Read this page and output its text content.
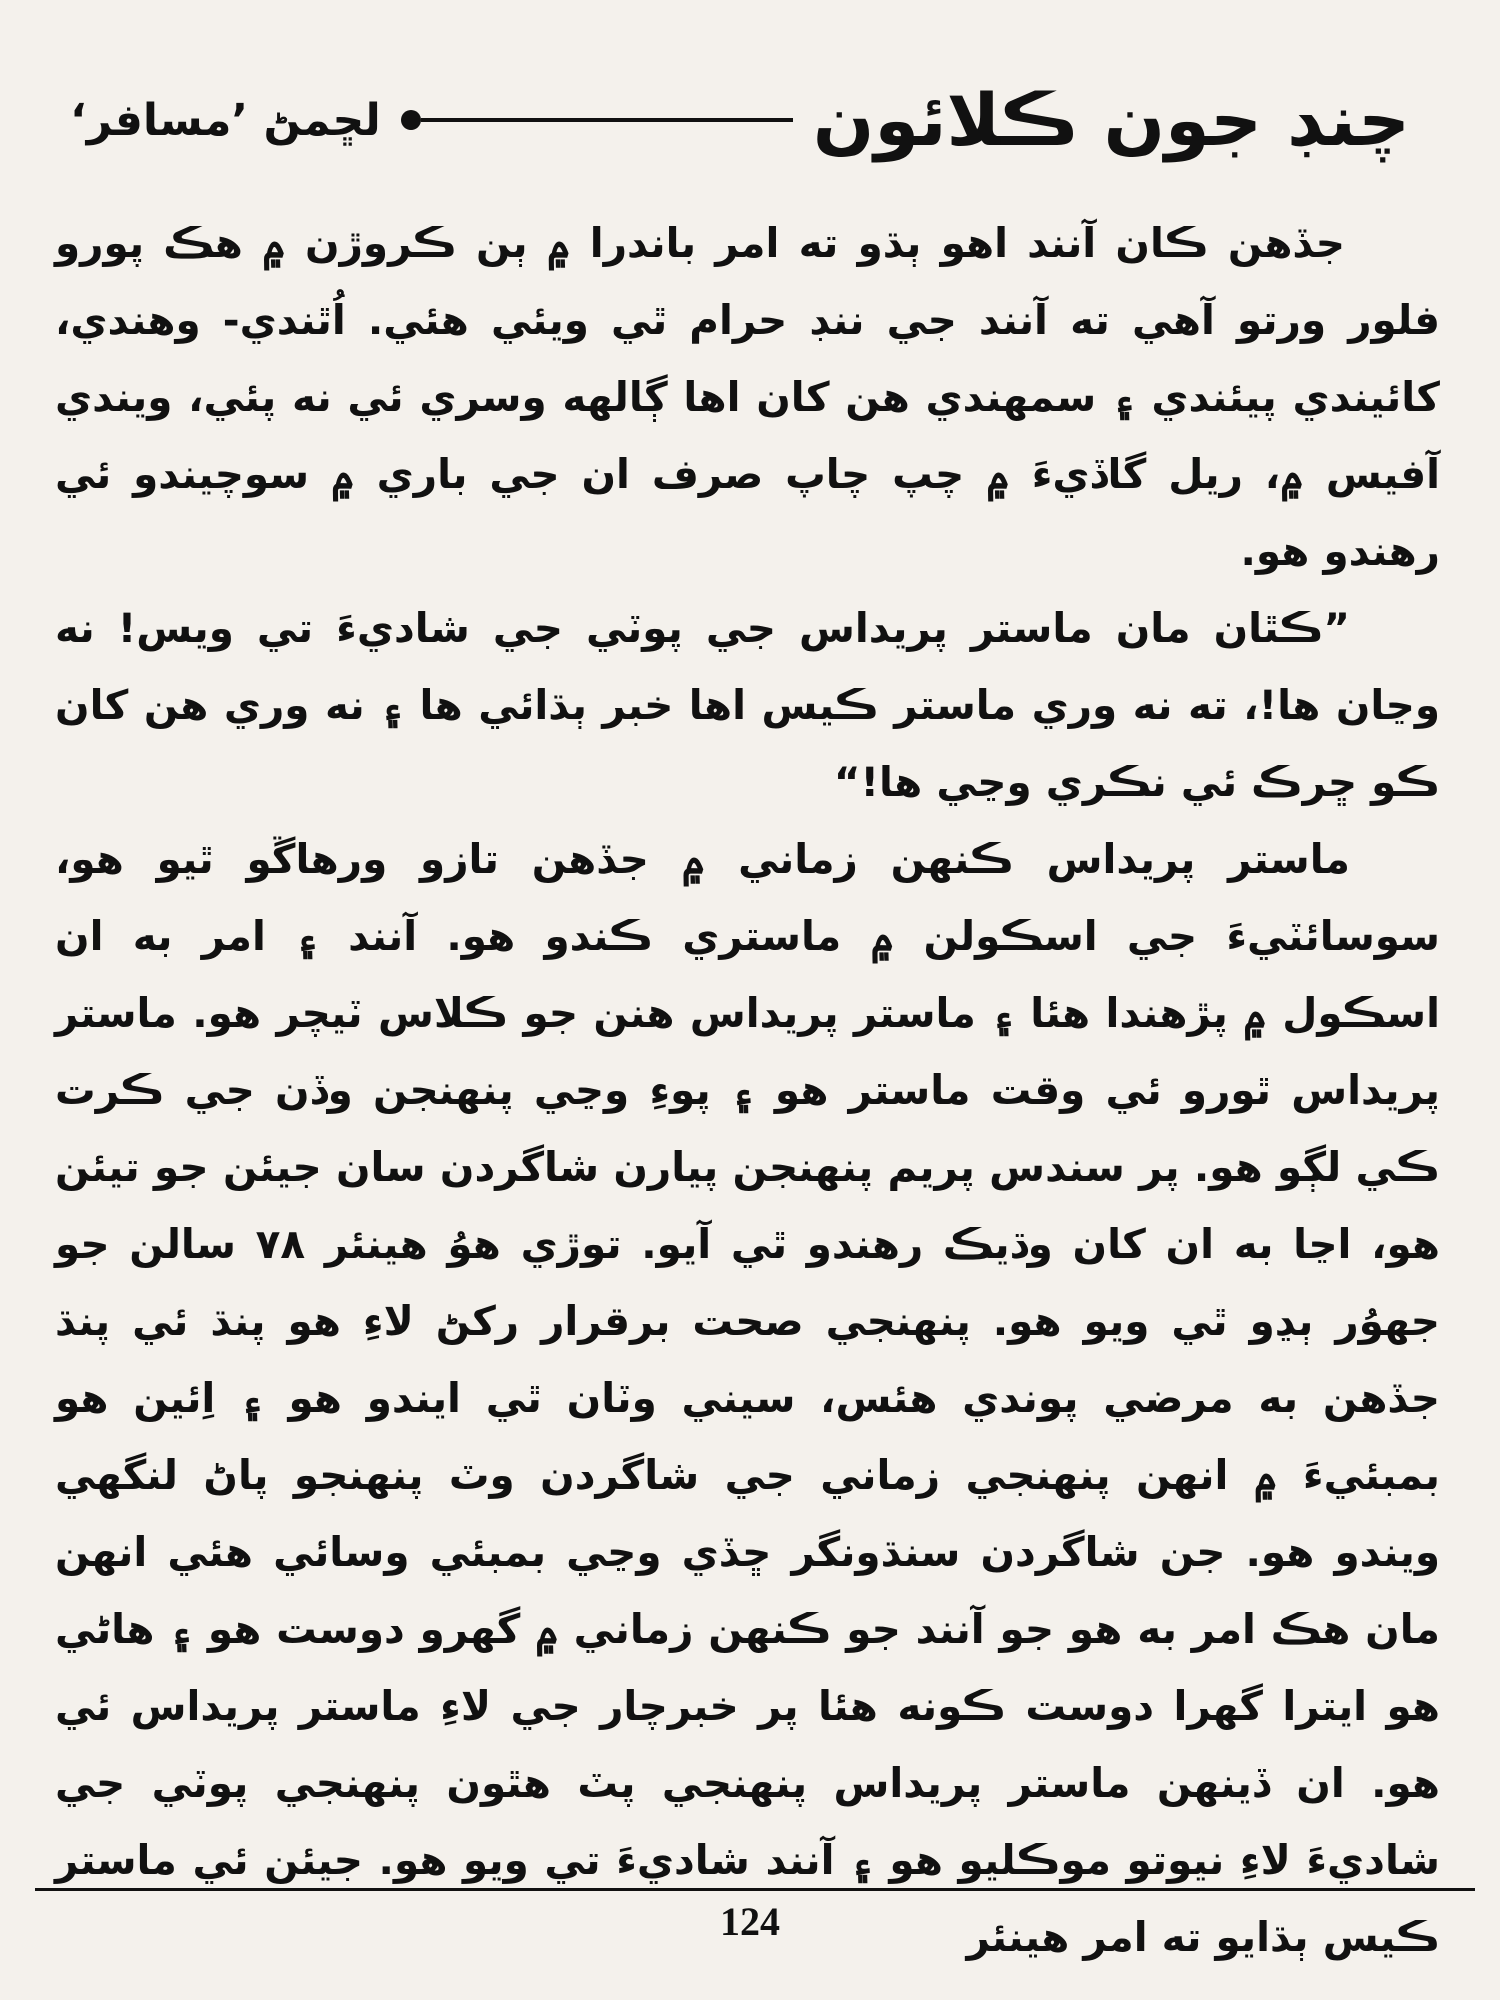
چنڊ جون ڪلائون
لڇمڻ ’مسافر‘

جڏهن ڪان آنند اهو ٻڌو ته امر باندرا ۾ ٻن ڪروڙن ۾ هڪ پورو فلور ورتو آهي ته آنند جي ننڊ حرام ٿي ويئي هئي. اُٿندي- وهندي، کائيندي پيئندي ۽ سمهندي هن کان اها ڳالهه وسري ئي نه پئي، ويندي آفيس ۾، ريل گاڏيءَ ۾ چپ چاپ صرف ان جي باري ۾ سوچيندو ئي رهندو هو.

”ڪٿان مان ماستر پريداس جي پوٽي جي شاديءَ تي ويس! نه وڃان ها!، ته نه وري ماستر ڪيس اها خبر ٻڌائي ها ۽ نه وري هن کان ڪو ڇرڪ ئي نڪري وڃي ها!“

ماستر پريداس ڪنهن زماني ۾ جڏهن تازو ورهاڱو ٿيو هو، سوسائٽيءَ جي اسڪولن ۾ ماستري ڪندو هو. آنند ۽ امر به ان اسڪول ۾ پڙهندا هئا ۽ ماستر پريداس هنن جو ڪلاس ٽيچر هو. ماستر پريداس ٿورو ئي وقت ماستر هو ۽ پوءِ وڃي پنهنجن وڏن جي ڪرت ڪي لڳو هو. پر سندس پريم پنهنجن پيارن شاگردن سان جيئن جو تيئن هو، اڃا به ان کان وڌيڪ رهندو ٿي آيو. توڙي هوُ هينئر ٧٨ سالن جو جهوُر ٻڍو ٿي ويو هو. پنهنجي صحت برقرار رکڻ لاءِ هو پنڌ ئي پنڌ جڏهن به مرضي پوندي هئس، سيني وٽان ٿي ايندو هو ۽ اِئين هو بمبئيءَ ۾ انهن پنهنجي زماني جي شاگردن وٽ پنهنجو پاڻ لنگهي ويندو هو. جن شاگردن سنڌونگر ڇڏي وڃي بمبئي وسائي هئي انهن مان هڪ امر به هو جو آنند جو ڪنهن زماني ۾ گهرو دوست هو ۽ هاڻي هو ايترا گهرا دوست ڪونه هئا پر خبرچار جي لاءِ ماستر پريداس ئي هو. ان ڏينهن ماستر پريداس پنهنجي پٽ هٿون پنهنجي پوٽي جي شاديءَ لاءِ نيوتو موڪليو هو ۽ آنند شاديءَ تي ويو هو. جيئن ئي ماستر ڪيس ٻڌايو ته امر هينئر

124
